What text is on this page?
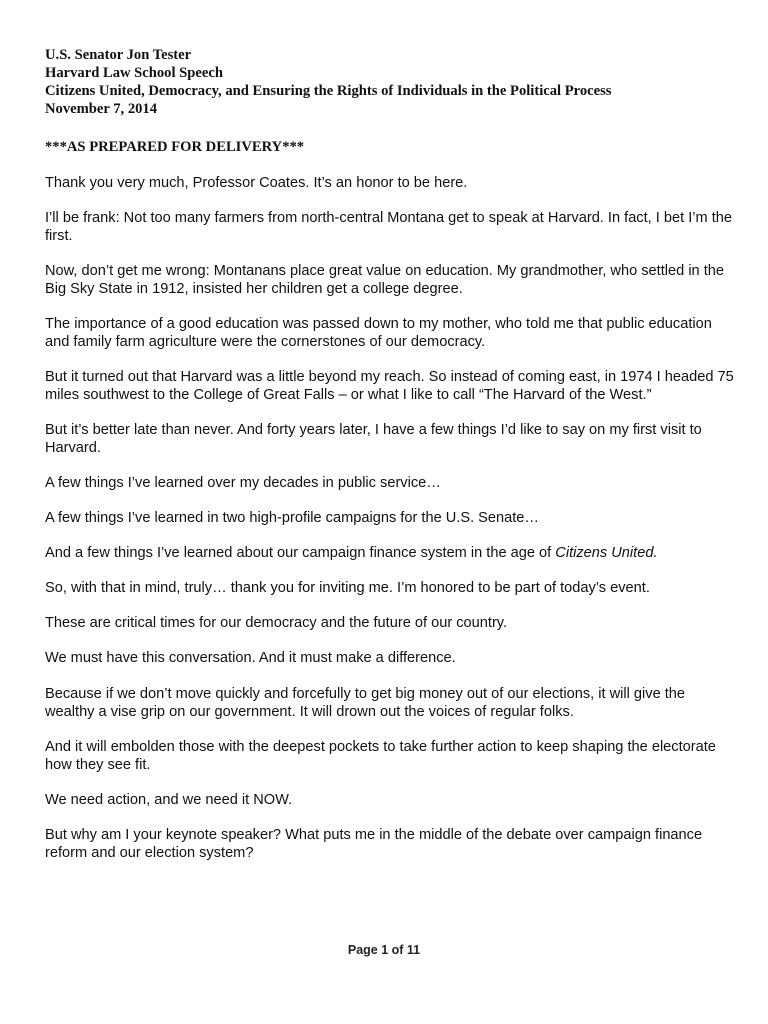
U.S. Senator Jon Tester

Harvard Law School Speech

Citizens United, Democracy, and Ensuring the Rights of Individuals in the Political Process

November 7, 2014

***AS PREPARED FOR DELIVERY***

Thank you very much, Professor Coates. It’s an honor to be here.

I’ll be frank: Not too many farmers from north-central Montana get to speak at Harvard. In fact, I bet I’m the first.

Now, don’t get me wrong: Montanans place great value on education. My grandmother, who settled in the Big Sky State in 1912, insisted her children get a college degree.

The importance of a good education was passed down to my mother, who told me that public education and family farm agriculture were the cornerstones of our democracy.

But it turned out that Harvard was a little beyond my reach. So instead of coming east, in 1974 I headed 75 miles southwest to the College of Great Falls – or what I like to call “The Harvard of the West.”

But it’s better late than never. And forty years later, I have a few things I’d like to say on my first visit to Harvard.

A few things I’ve learned over my decades in public service…

A few things I’ve learned in two high-profile campaigns for the U.S. Senate…

And a few things I’ve learned about our campaign finance system in the age of Citizens United.

So, with that in mind, truly… thank you for inviting me. I’m honored to be part of today’s event.

These are critical times for our democracy and the future of our country.

We must have this conversation. And it must make a difference.

Because if we don’t move quickly and forcefully to get big money out of our elections, it will give the wealthy a vise grip on our government. It will drown out the voices of regular folks.

And it will embolden those with the deepest pockets to take further action to keep shaping the electorate how they see fit.

We need action, and we need it NOW.

But why am I your keynote speaker? What puts me in the middle of the debate over campaign finance reform and our election system?

Page 1 of 11
